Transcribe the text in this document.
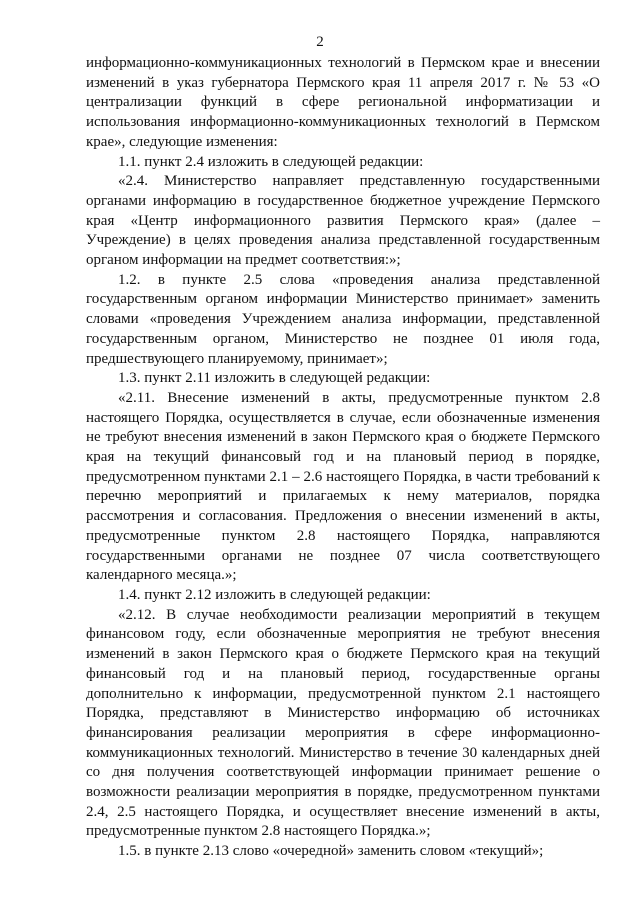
2

информационно-коммуникационных технологий в Пермском крае и внесении изменений в указ губернатора Пермского края 11 апреля 2017 г. № 53 «О централизации функций в сфере региональной информатизации и использования информационно-коммуникационных технологий в Пермском крае», следующие изменения:

1.1. пункт 2.4 изложить в следующей редакции:

«2.4. Министерство направляет представленную государственными органами информацию в государственное бюджетное учреждение Пермского края «Центр информационного развития Пермского края» (далее – Учреждение) в целях проведения анализа представленной государственным органом информации на предмет соответствия:»;

1.2. в пункте 2.5 слова «проведения анализа представленной государственным органом информации Министерство принимает» заменить словами «проведения Учреждением анализа информации, представленной государственным органом, Министерство не позднее 01 июля года, предшествующего планируемому, принимает»;

1.3. пункт 2.11 изложить в следующей редакции:

«2.11. Внесение изменений в акты, предусмотренные пунктом 2.8 настоящего Порядка, осуществляется в случае, если обозначенные изменения не требуют внесения изменений в закон Пермского края о бюджете Пермского края на текущий финансовый год и на плановый период в порядке, предусмотренном пунктами 2.1 – 2.6 настоящего Порядка, в части требований к перечню мероприятий и прилагаемых к нему материалов, порядка рассмотрения и согласования. Предложения о внесении изменений в акты, предусмотренные пунктом 2.8 настоящего Порядка, направляются государственными органами не позднее 07 числа соответствующего календарного месяца.»;

1.4. пункт 2.12 изложить в следующей редакции:

«2.12. В случае необходимости реализации мероприятий в текущем финансовом году, если обозначенные мероприятия не требуют внесения изменений в закон Пермского края о бюджете Пермского края на текущий финансовый год и на плановый период, государственные органы дополнительно к информации, предусмотренной пунктом 2.1 настоящего Порядка, представляют в Министерство информацию об источниках финансирования реализации мероприятия в сфере информационно-коммуникационных технологий. Министерство в течение 30 календарных дней со дня получения соответствующей информации принимает решение о возможности реализации мероприятия в порядке, предусмотренном пунктами 2.4, 2.5 настоящего Порядка, и осуществляет внесение изменений в акты, предусмотренные пунктом 2.8 настоящего Порядка.»;

1.5. в пункте 2.13 слово «очередной» заменить словом «текущий»;
